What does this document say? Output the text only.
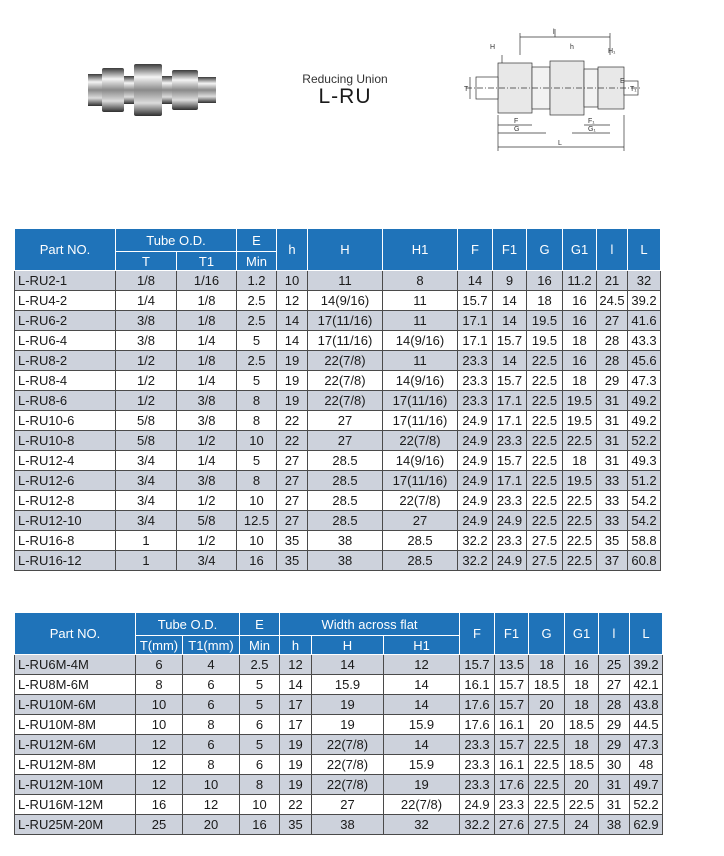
Reducing Union
L-RU
l
H	h
H₁
T
E
T₁
F
G
F₁
G₁
L
Part NO.	Tube O.D.		E	h	H	H1	F	F1	G	G1	l	L
	T	T1	Min									
L-RU2-1	1/8	1/16	1.2	10	11	8	14	9	16	11.2	21	32
L-RU4-2	1/4	1/8	2.5	12	14(9/16)	11	15.7	14	18	16	24.5	39.2
L-RU6-2	3/8	1/8	2.5	14	17(11/16)	11	17.1	14	19.5	16	27	41.6
L-RU6-4	3/8	1/4	5	14	17(11/16)	14(9/16)	17.1	15.7	19.5	18	28	43.3
L-RU8-2	1/2	1/8	2.5	19	22(7/8)	11	23.3	14	22.5	16	28	45.6
L-RU8-4	1/2	1/4	5	19	22(7/8)	14(9/16)	23.3	15.7	22.5	18	29	47.3
L-RU8-6	1/2	3/8	8	19	22(7/8)	17(11/16)	23.3	17.1	22.5	19.5	31	49.2
L-RU10-6	5/8	3/8	8	22	27	17(11/16)	24.9	17.1	22.5	19.5	31	49.2
L-RU10-8	5/8	1/2	10	22	27	22(7/8)	24.9	23.3	22.5	22.5	31	52.2
L-RU12-4	3/4	1/4	5	27	28.5	14(9/16)	24.9	15.7	22.5	18	31	49.3
L-RU12-6	3/4	3/8	8	27	28.5	17(11/16)	24.9	17.1	22.5	19.5	33	51.2
L-RU12-8	3/4	1/2	10	27	28.5	22(7/8)	24.9	23.3	22.5	22.5	33	54.2
L-RU12-10	3/4	5/8	12.5	27	28.5	27	24.9	24.9	22.5	22.5	33	54.2
L-RU16-8	1	1/2	10	35	38	28.5	32.2	23.3	27.5	22.5	35	58.8
L-RU16-12	1	3/4	16	35	38	28.5	32.2	24.9	27.5	22.5	37	60.8
Part NO.	Tube O.D.		E	Width across flat			F	F1	G	G1	l	L
	T(mm)	T1(mm)	Min	h	H	H1						
L-RU6M-4M	6	4	2.5	12	14	12	15.7	13.5	18	16	25	39.2
L-RU8M-6M	8	6	5	14	15.9	14	16.1	15.7	18.5	18	27	42.1
L-RU10M-6M	10	6	5	17	19	14	17.6	15.7	20	18	28	43.8
L-RU10M-8M	10	8	6	17	19	15.9	17.6	16.1	20	18.5	29	44.5
L-RU12M-6M	12	6	5	19	22(7/8)	14	23.3	15.7	22.5	18	29	47.3
L-RU12M-8M	12	8	6	19	22(7/8)	15.9	23.3	16.1	22.5	18.5	30	48
L-RU12M-10M	12	10	8	19	22(7/8)	19	23.3	17.6	22.5	20	31	49.7
L-RU16M-12M	16	12	10	22	27	22(7/8)	24.9	23.3	22.5	22.5	31	52.2
L-RU25M-20M	25	20	16	35	38	32	32.2	27.6	27.5	24	38	62.9
